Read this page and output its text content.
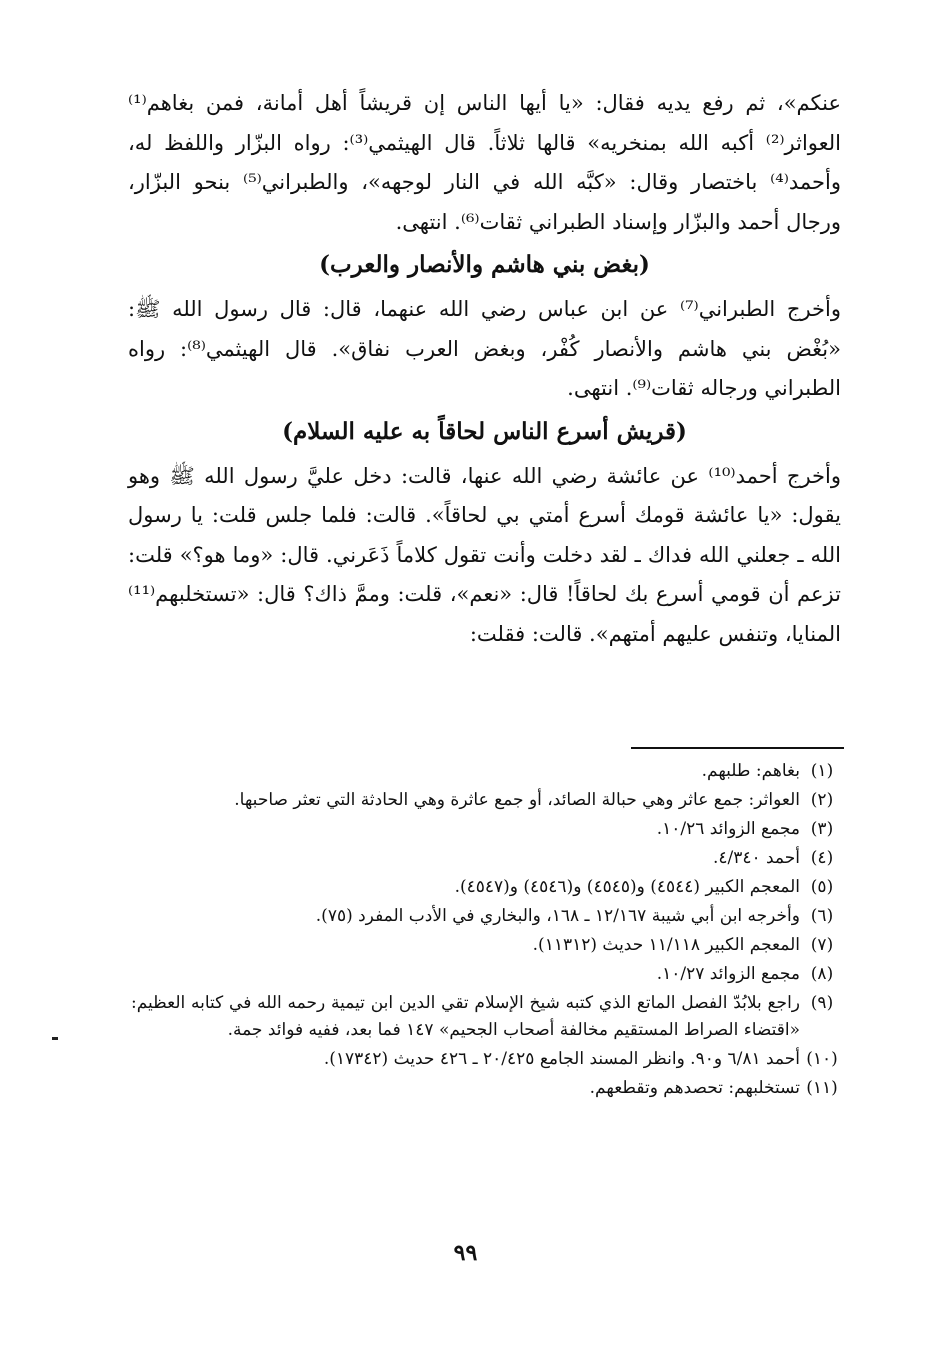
عنكم»، ثم رفع يديه فقال: «يا أيها الناس إن قريشاً أهل أمانة، فمن بغاهم⁽¹⁾ العواثر⁽²⁾ أكبه الله بمنخريه» قالها ثلاثاً. قال الهيثمي⁽³⁾: رواه البزّار واللفظ له، وأحمد⁽⁴⁾ باختصار وقال: «كبَّه الله في النار لوجهه»، والطبراني⁽⁵⁾ بنحو البزّار، ورجال أحمد والبزّار وإسناد الطبراني ثقات⁽⁶⁾. انتهى.

(بغض بني هاشم والأنصار والعرب)

وأخرج الطبراني⁽⁷⁾ عن ابن عباس رضي الله عنهما، قال: قال رسول الله ﷺ: «بُغْض بني هاشم والأنصار كُفْر، وبغض العرب نفاق». قال الهيثمي⁽⁸⁾: رواه الطبراني ورجاله ثقات⁽⁹⁾. انتهى.

(قريش أسرع الناس لحاقاً به عليه السلام)

وأخرج أحمد⁽¹⁰⁾ عن عائشة رضي الله عنها، قالت: دخل عليَّ رسول الله ﷺ وهو يقول: «يا عائشة قومك أسرع أمتي بي لحاقاً». قالت: فلما جلس قلت: يا رسول الله ـ جعلني الله فداك ـ لقد دخلت وأنت تقول كلاماً ذَعَرني. قال: «وما هو؟» قلت: تزعم أن قومي أسرع بك لحاقاً! قال: «نعم»، قلت: وممَّ ذاك؟ قال: «تستخلبهم⁽¹¹⁾ المنايا، وتنفس عليهم أمتهم». قالت: فقلت:

(١)
بغاهم: طلبهم.
(٢)
العواثر: جمع عاثر وهي حبالة الصائد، أو جمع عاثرة وهي الحادثة التي تعثر صاحبها.
(٣)
مجمع الزوائد ١٠/٢٦.
(٤)
أحمد ٤/٣٤٠.
(٥)
المعجم الكبير (٤٥٤٤) و(٤٥٤٥) و(٤٥٤٦) و(٤٥٤٧).
(٦)
وأخرجه ابن أبي شيبة ١٢/١٦٧ ـ ١٦٨، والبخاري في الأدب المفرد (٧٥).
(٧)
المعجم الكبير ١١/١١٨ حديث (١١٣١٢).
(٨)
مجمع الزوائد ١٠/٢٧.
(٩)
راجع بلابُدّ الفصل الماتع الذي كتبه شيخ الإسلام تقي الدين ابن تيمية رحمه الله في كتابه العظيم: «اقتضاء الصراط المستقيم مخالفة أصحاب الجحيم» ١٤٧ فما بعد، ففيه فوائد جمة.
(١٠)
أحمد ٦/٨١ و٩٠. وانظر المسند الجامع ٢٠/٤٢٥ ـ ٤٢٦ حديث (١٧٣٤٢).
(١١)
تستخلبهم: تحصدهم وتقطعهم.
٩٩
